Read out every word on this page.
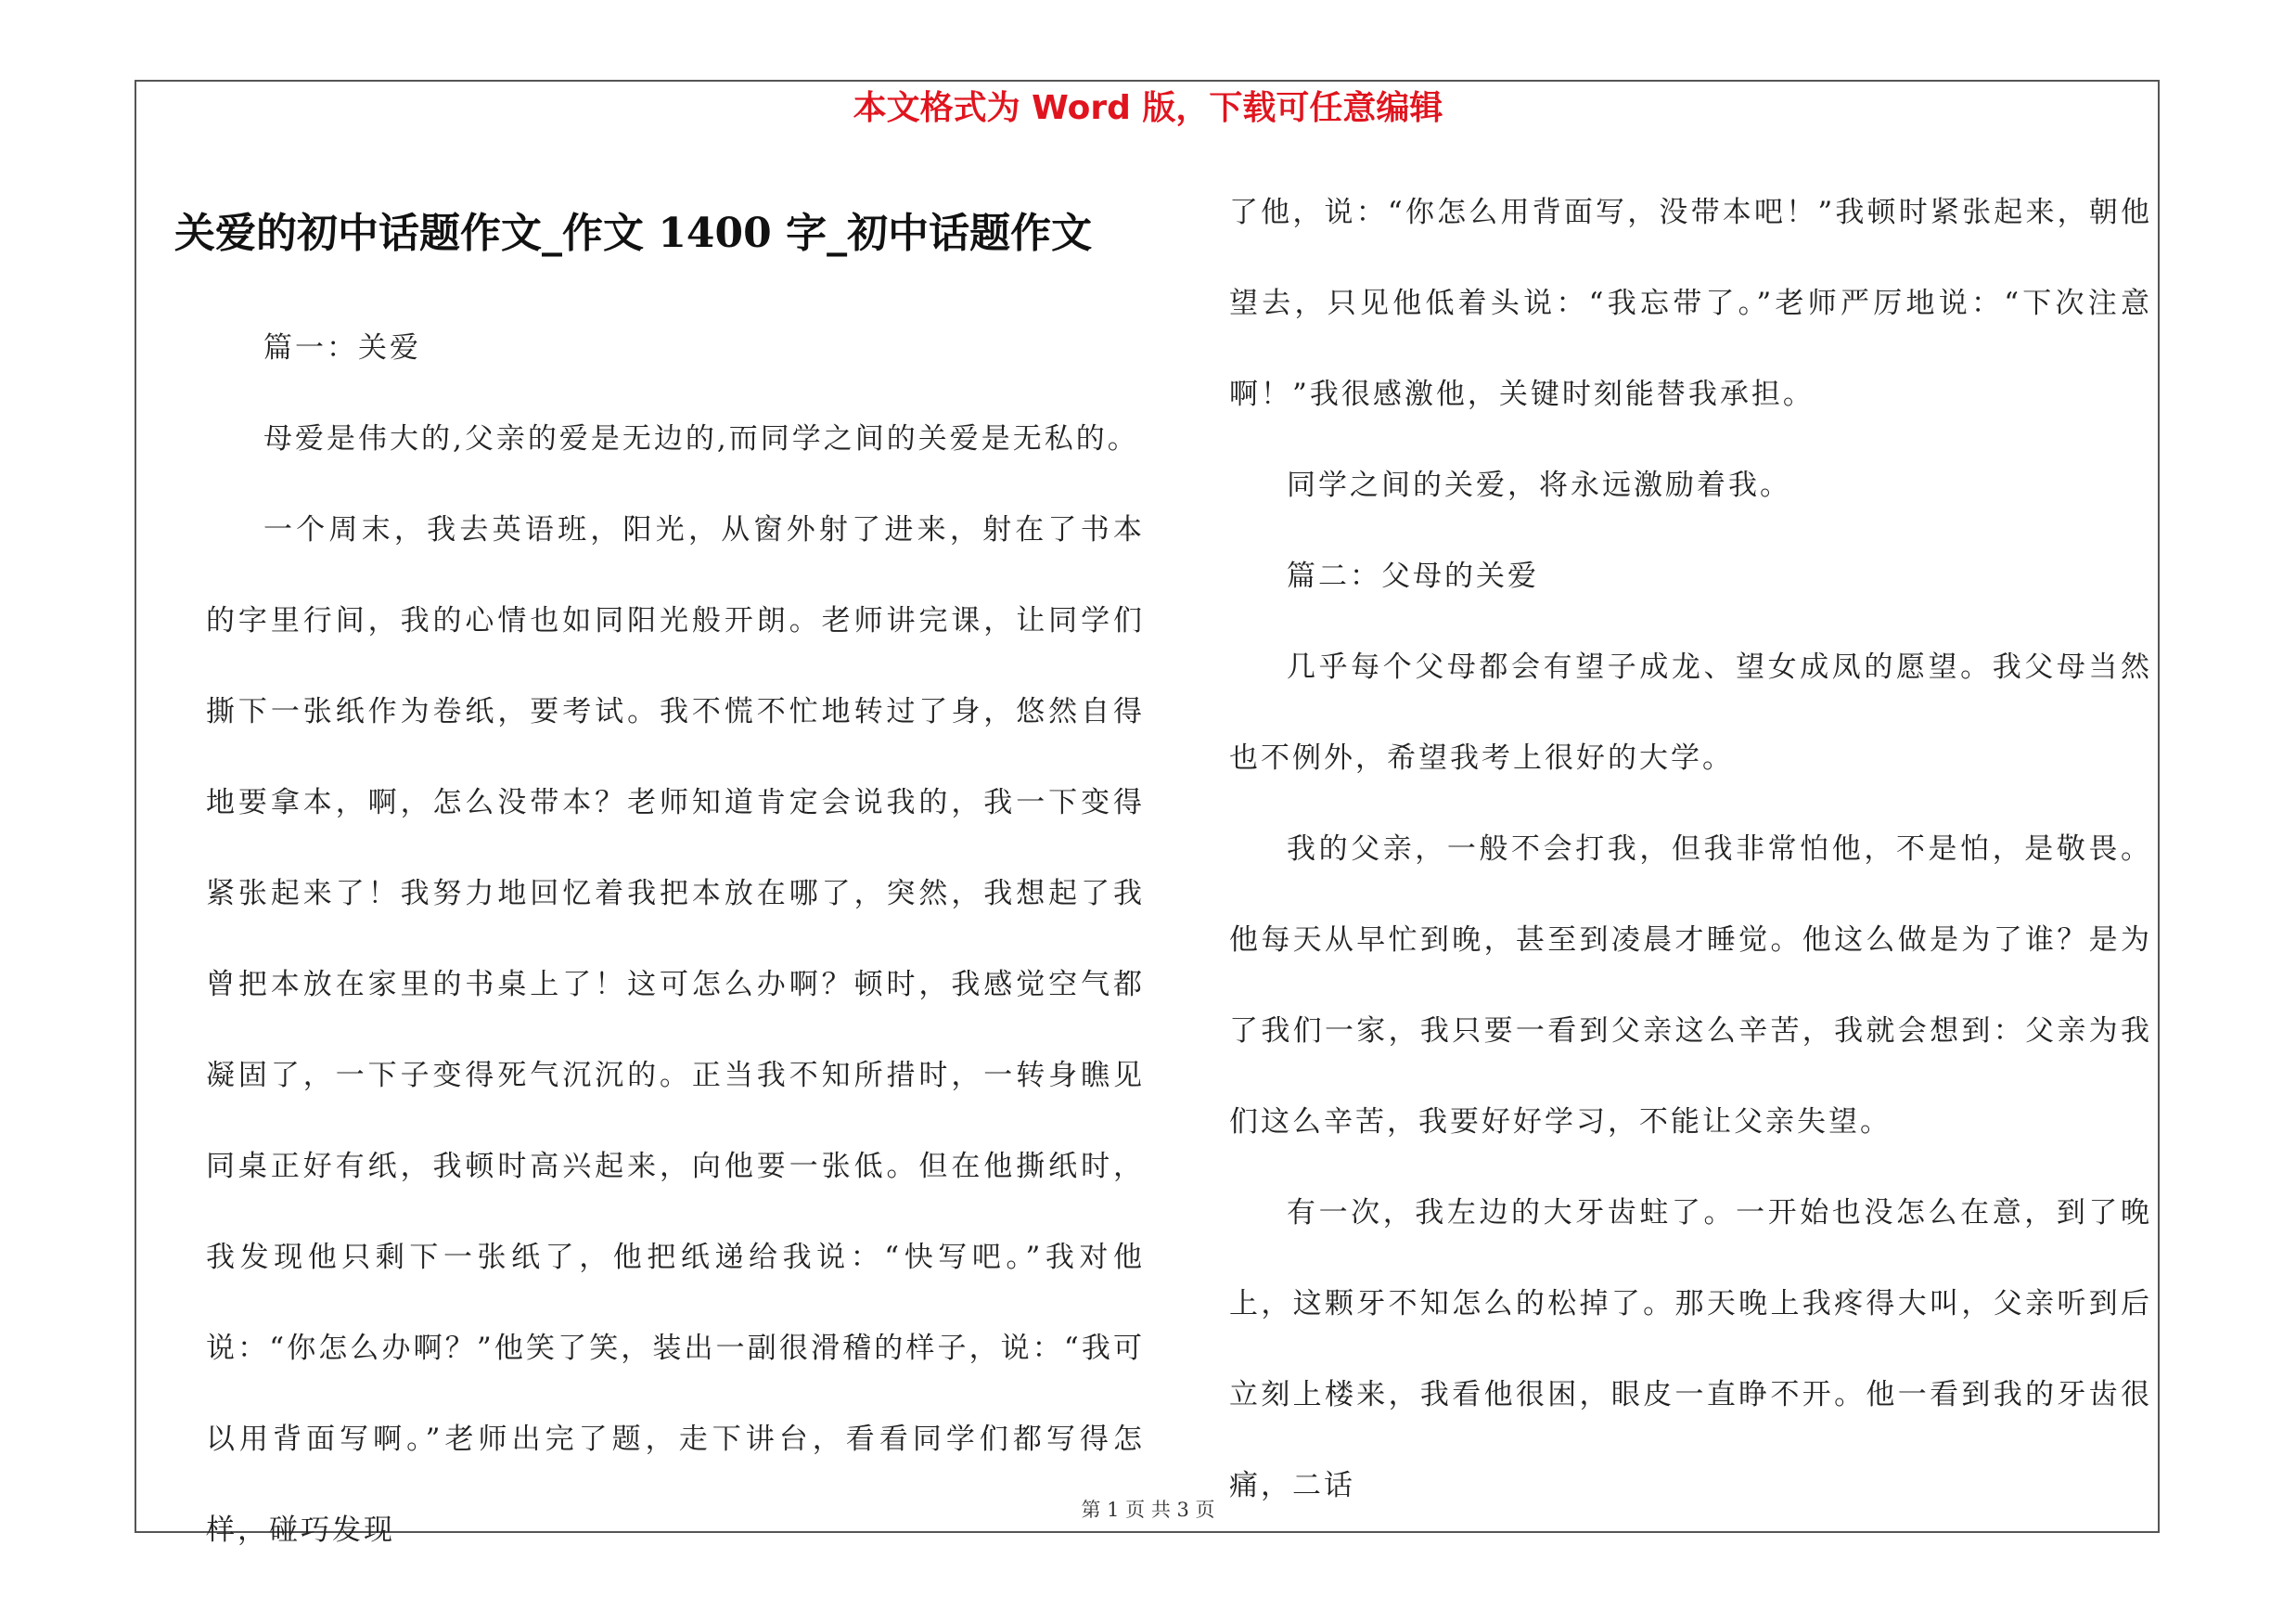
本文格式为 Word 版，下载可任意编辑
关爱的初中话题作文_作文 1400 字_初中话题作文

篇一：关爱

母爱是伟大的,父亲的爱是无边的,而同学之间的关爱是无私的。

一个周末，我去英语班，阳光，从窗外射了进来，射在了书本的字里行间，我的心情也如同阳光般开朗。老师讲完课，让同学们撕下一张纸作为卷纸，要考试。我不慌不忙地转过了身，悠然自得地要拿本，啊，怎么没带本？老师知道肯定会说我的，我一下变得紧张起来了！我努力地回忆着我把本放在哪了，突然，我想起了我曾把本放在家里的书桌上了！这可怎么办啊？顿时，我感觉空气都凝固了，一下子变得死气沉沉的。正当我不知所措时，一转身瞧见同桌正好有纸，我顿时高兴起来，向他要一张低。但在他撕纸时，我发现他只剩下一张纸了，他把纸递给我说：“快写吧。”我对他说：“你怎么办啊？”他笑了笑，装出一副很滑稽的样子，说：“我可以用背面写啊。”老师出完了题，走下讲台，看看同学们都写得怎样，碰巧发现

了他，说：“你怎么用背面写，没带本吧！”我顿时紧张起来，朝他望去，只见他低着头说：“我忘带了。”老师严厉地说：“下次注意啊！”我很感激他，关键时刻能替我承担。

同学之间的关爱，将永远激励着我。

篇二：父母的关爱

几乎每个父母都会有望子成龙、望女成凤的愿望。我父母当然也不例外，希望我考上很好的大学。

我的父亲，一般不会打我，但我非常怕他，不是怕，是敬畏。他每天从早忙到晚，甚至到凌晨才睡觉。他这么做是为了谁？是为了我们一家，我只要一看到父亲这么辛苦，我就会想到：父亲为我们这么辛苦，我要好好学习，不能让父亲失望。

有一次，我左边的大牙齿蛀了。一开始也没怎么在意，到了晚上，这颗牙不知怎么的松掉了。那天晚上我疼得大叫，父亲听到后立刻上楼来，我看他很困，眼皮一直睁不开。他一看到我的牙齿很痛，二话

第 1 页 共 3 页
